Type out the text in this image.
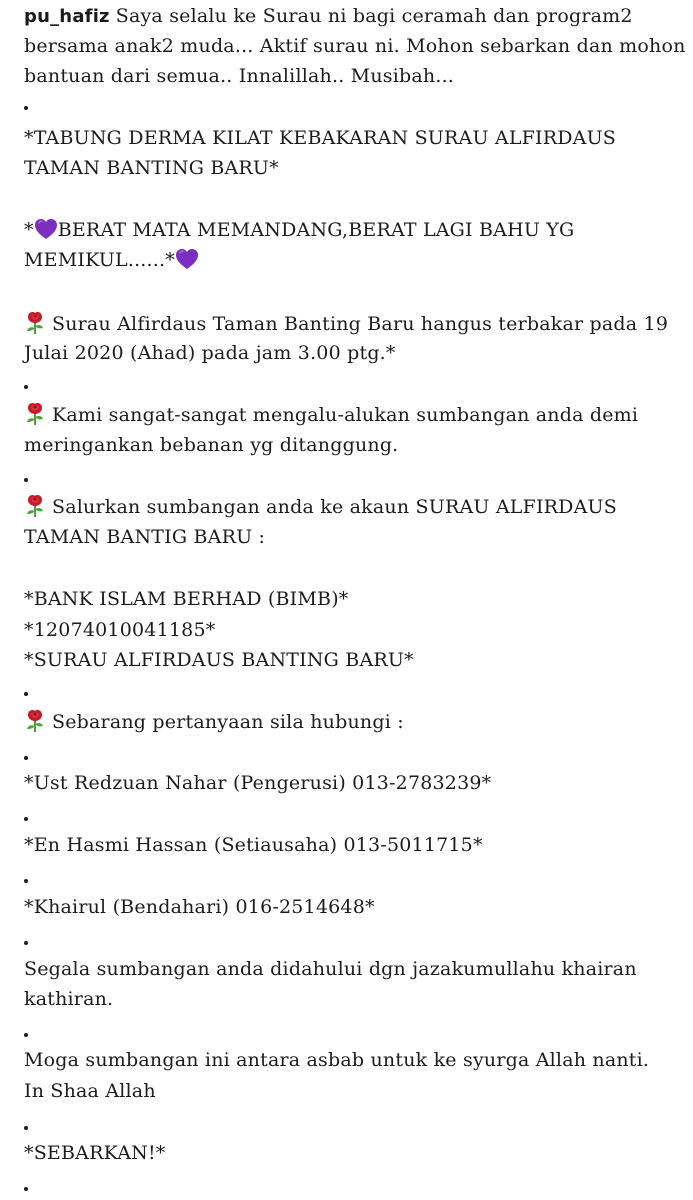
pu_hafiz Saya selalu ke Surau ni bagi ceramah dan program2
bersama anak2 muda... Aktif surau ni. Mohon sebarkan dan mohon
bantuan dari semua.. Innalillah.. Musibah...
*TABUNG DERMA KILAT KEBAKARAN SURAU ALFIRDAUS
TAMAN BANTING BARU*
* BERAT MATA MEMANDANG,BERAT LAGI BAHU YG
MEMIKUL......*
Surau Alfirdaus Taman Banting Baru hangus terbakar pada 19
Julai 2020 (Ahad) pada jam 3.00 ptg.*
Kami sangat-sangat mengalu-alukan sumbangan anda demi
meringankan bebanan yg ditanggung.
Salurkan sumbangan anda ke akaun SURAU ALFIRDAUS
TAMAN BANTIG BARU :
*BANK ISLAM BERHAD (BIMB)*
*12074010041185*
*SURAU ALFIRDAUS BANTING BARU*
Sebarang pertanyaan sila hubungi :
*Ust Redzuan Nahar (Pengerusi) 013-2783239*
*En Hasmi Hassan (Setiausaha) 013-5011715*
*Khairul (Bendahari) 016-2514648*
Segala sumbangan anda didahului dgn jazakumullahu khairan
kathiran.
Moga sumbangan ini antara asbab untuk ke syurga Allah nanti.
In Shaa Allah
*SEBARKAN!*
